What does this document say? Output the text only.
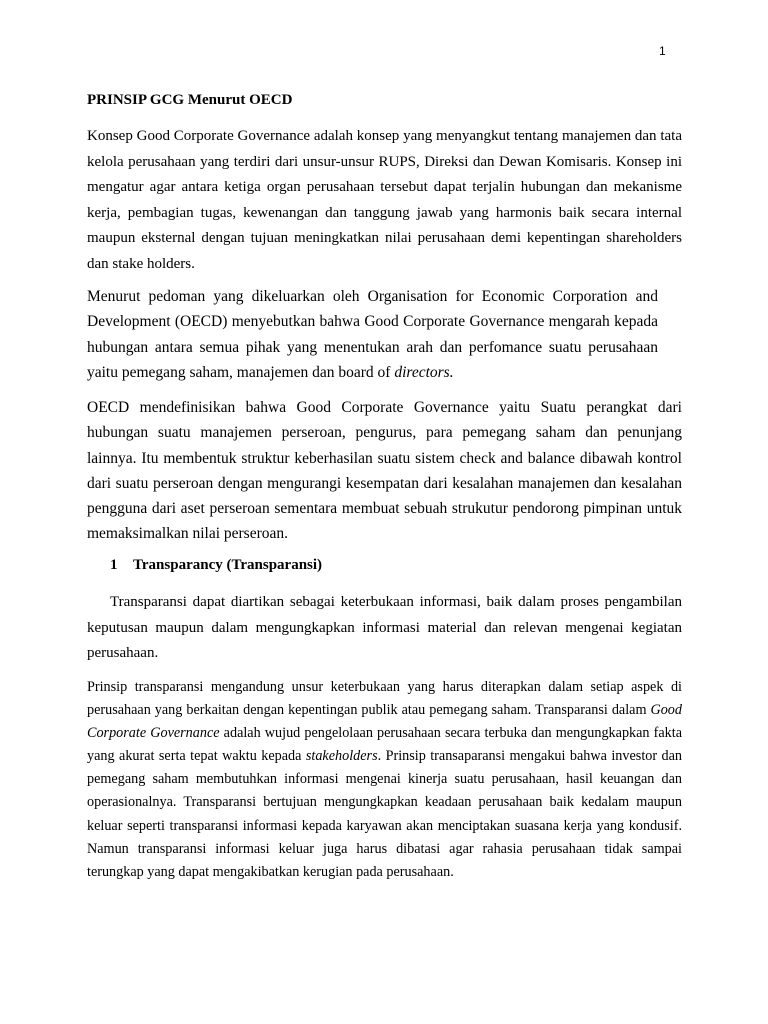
1
PRINSIP GCG Menurut OECD

Konsep Good Corporate Governance adalah konsep yang menyangkut tentang manajemen dan tata kelola perusahaan yang terdiri dari unsur-unsur RUPS, Direksi dan Dewan Komisaris. Konsep ini mengatur agar antara ketiga organ perusahaan tersebut dapat terjalin hubungan dan mekanisme kerja, pembagian tugas, kewenangan dan tanggung jawab yang harmonis baik secara internal maupun eksternal dengan tujuan meningkatkan nilai perusahaan demi kepentingan shareholders dan stake holders.

Menurut pedoman yang dikeluarkan oleh Organisation for Economic Corporation and Development (OECD) menyebutkan bahwa Good Corporate Governance mengarah kepada hubungan antara semua pihak yang menentukan arah dan perfomance suatu perusahaan yaitu pemegang saham, manajemen dan board of directors.

OECD mendefinisikan bahwa Good Corporate Governance yaitu Suatu perangkat dari hubungan suatu manajemen perseroan, pengurus, para pemegang saham dan penunjang lainnya. Itu membentuk struktur keberhasilan suatu sistem check and balance dibawah kontrol dari suatu perseroan dengan mengurangi kesempatan dari kesalahan manajemen dan kesalahan pengguna dari aset perseroan sementara membuat sebuah strukutur pendorong pimpinan untuk memaksimalkan nilai perseroan.

1 Transparancy (Transparansi)

Transparansi dapat diartikan sebagai keterbukaan informasi, baik dalam proses pengambilan keputusan maupun dalam mengungkapkan informasi material dan relevan mengenai kegiatan perusahaan.

Prinsip transparansi mengandung unsur keterbukaan yang harus diterapkan dalam setiap aspek di perusahaan yang berkaitan dengan kepentingan publik atau pemegang saham. Transparansi dalam Good Corporate Governance adalah wujud pengelolaan perusahaan secara terbuka dan mengungkapkan fakta yang akurat serta tepat waktu kepada stakeholders. Prinsip transaparansi mengakui bahwa investor dan pemegang saham membutuhkan informasi mengenai kinerja suatu perusahaan, hasil keuangan dan operasionalnya. Transparansi bertujuan mengungkapkan keadaan perusahaan baik kedalam maupun keluar seperti transparansi informasi kepada karyawan akan menciptakan suasana kerja yang kondusif. Namun transparansi informasi keluar juga harus dibatasi agar rahasia perusahaan tidak sampai terungkap yang dapat mengakibatkan kerugian pada perusahaan.
